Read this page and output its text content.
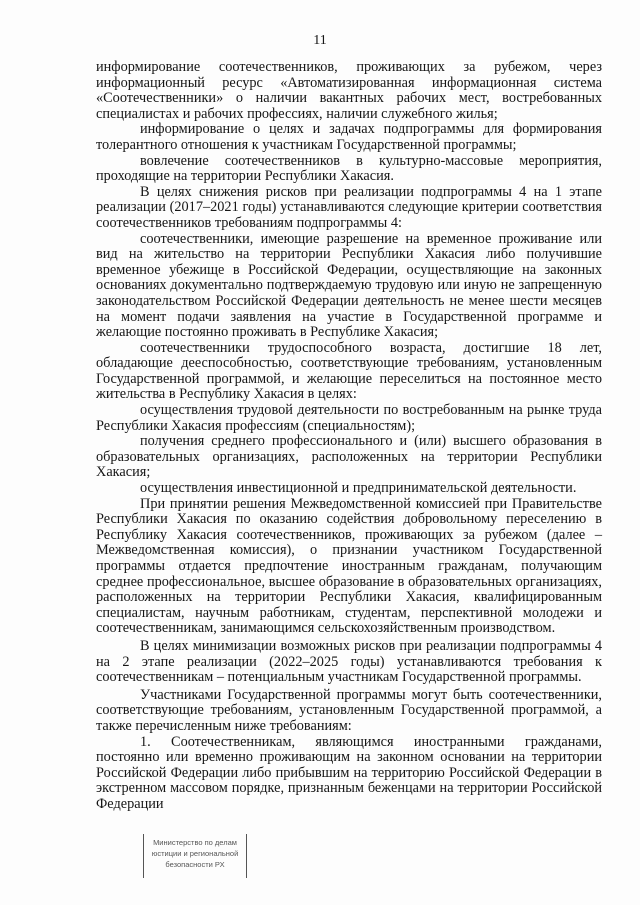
11

информирование соотечественников, проживающих за рубежом, через информационный ресурс «Автоматизированная информационная система «Соотечественники» о наличии вакантных рабочих мест, востребованных специалистах и рабочих профессиях, наличии служебного жилья;

информирование о целях и задачах подпрограммы для формирования толерантного отношения к участникам Государственной программы;

вовлечение соотечественников в культурно-массовые мероприятия, проходящие на территории Республики Хакасия.

В целях снижения рисков при реализации подпрограммы 4 на 1 этапе реализации (2017–2021 годы) устанавливаются следующие критерии соответствия соотечественников требованиям подпрограммы 4:

соотечественники, имеющие разрешение на временное проживание или вид на жительство на территории Республики Хакасия либо получившие временное убежище в Российской Федерации, осуществляющие на законных основаниях документально подтверждаемую трудовую или иную не запрещенную законодательством Российской Федерации деятельность не менее шести месяцев на момент подачи заявления на участие в Государственной программе и желающие постоянно проживать в Республике Хакасия;

соотечественники трудоспособного возраста, достигшие 18 лет, обладающие дееспособностью, соответствующие требованиям, установленным Государственной программой, и желающие переселиться на постоянное место жительства в Республику Хакасия в целях:

осуществления трудовой деятельности по востребованным на рынке труда Республики Хакасия профессиям (специальностям);

получения среднего профессионального и (или) высшего образования в образовательных организациях, расположенных на территории Республики Хакасия;

осуществления инвестиционной и предпринимательской деятельности.

При принятии решения Межведомственной комиссией при Правительстве Республики Хакасия по оказанию содействия добровольному переселению в Республику Хакасия соотечественников, проживающих за рубежом (далее – Межведомственная комиссия), о признании участником Государственной программы отдается предпочтение иностранным гражданам, получающим среднее профессиональное, высшее образование в образовательных организациях, расположенных на территории Республики Хакасия, квалифицированным специалистам, научным работникам, студентам, перспективной молодежи и соотечественникам, занимающимся сельскохозяйственным производством.

В целях минимизации возможных рисков при реализации подпрограммы 4 на 2 этапе реализации (2022–2025 годы) устанавливаются требования к соотечественникам – потенциальным участникам Государственной программы.

Участниками Государственной программы могут быть соотечественники, соответствующие требованиям, установленным Государственной программой, а также перечисленным ниже требованиям:

1. Соотечественникам, являющимся иностранными гражданами, постоянно или временно проживающим на законном основании на территории Российской Федерации либо прибывшим на территорию Российской Федерации в экстренном массовом порядке, признанным беженцами на территории Российской Федерации

Министерство по делам
юстиции и региональной
безопасности РХ
